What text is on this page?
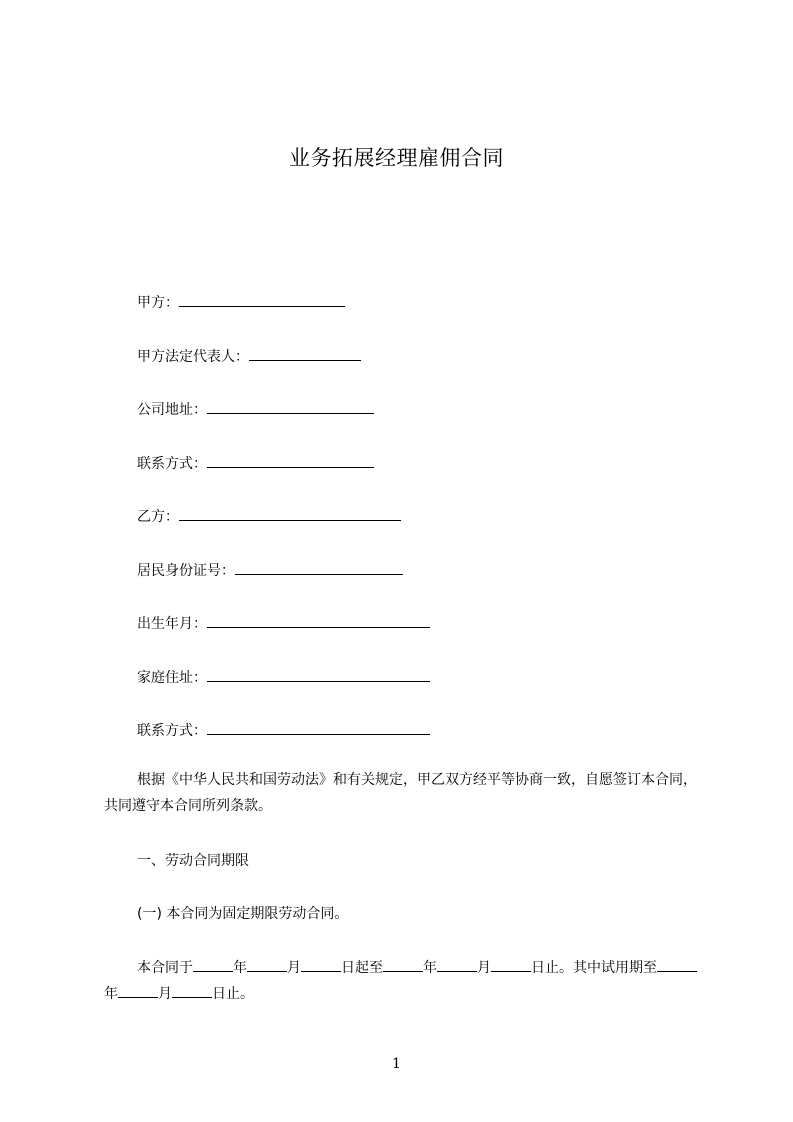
业务拓展经理雇佣合同
甲方：
甲方法定代表人：
公司地址：
联系方式：
乙方：
居民身份证号：
出生年月：
家庭住址：
联系方式：
根据《中华人民共和国劳动法》和有关规定，甲乙双方经平等协商一致，自愿签订本合同，共同遵守本合同所列条款。
一、劳动合同期限
(一) 本合同为固定期限劳动合同。
本合同于	年	月	日起至	年	月	日止。其中试用期至年	月	日止。
1
